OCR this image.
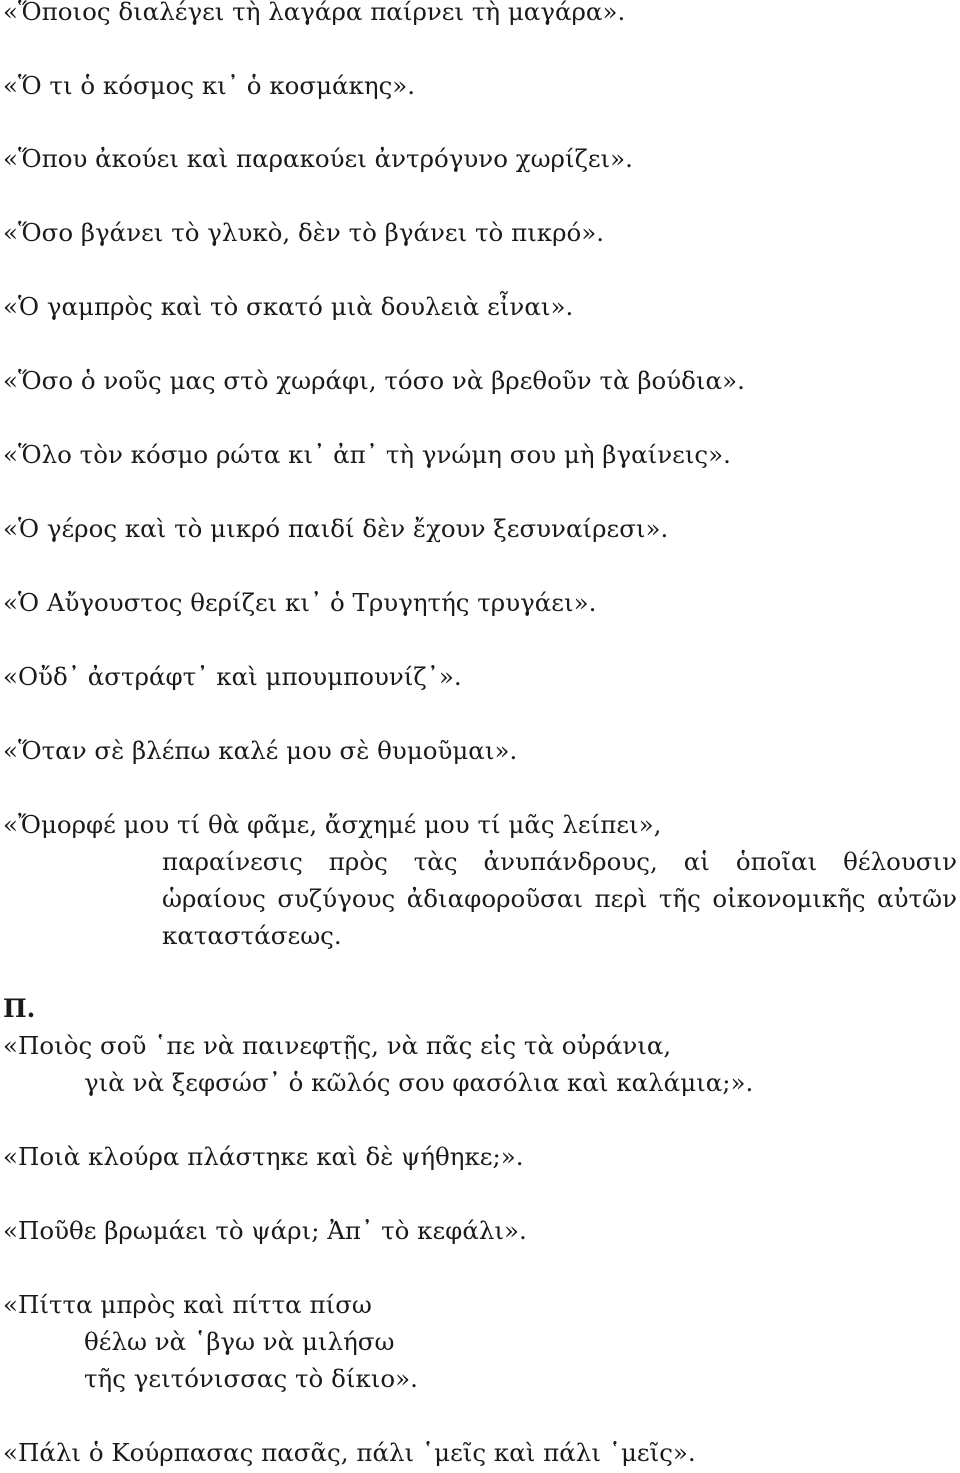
«Ὅποιος διαλέγει τὴ λαγάρα παίρνει τὴ μαγάρα».
«Ὅ τι ὁ κόσμος κι᾽ ὁ κοσμάκης».
«Ὅπου ἀκούει καὶ παρακούει ἀντρόγυνο χωρίζει».
«Ὅσο βγάνει τὸ γλυκὸ, δὲν τὸ βγάνει τὸ πικρό».
«Ὁ γαμπρὸς καὶ τὸ σκατό μιὰ δουλειὰ εἶναι».
«Ὅσο ὁ νοῦς μας στὸ χωράφι, τόσο νὰ βρεθοῦν τὰ βούδια».
«Ὅλο τὸν κόσμο ρώτα κι᾽ ἀπ᾽ τὴ γνώμη σου μὴ βγαίνεις».
«Ὁ γέρος καὶ τὸ μικρό παιδί δὲν ἔχουν ξεσυναίρεσι».
«Ὁ Αὔγουστος θερίζει κι᾽ ὁ Τρυγητής τρυγάει».
«Οὔδ᾽ ἀστράφτ᾽ καὶ μπουμπουνίζ᾽».
«Ὅταν σὲ βλέπω καλέ μου σὲ θυμοῦμαι».
«Ὄμορφέ μου τί θὰ φᾶμε, ἄσχημέ μου τί μᾶς λείπει»,
παραίνεσις πρὸς τὰς ἀνυπάνδρους, αἱ ὁποῖαι θέλουσιν
ὡραίους συζύγους ἀδιαφοροῦσαι περὶ τῆς οἰκονομικῆς αὐτῶν
καταστάσεως.
Π.
«Ποιὸς σοῦ ῾πε νὰ παινεφτῇς, νὰ πᾶς εἰς τὰ οὐράνια,
γιὰ νὰ ξεφσώσ᾽ ὁ κῶλός σου φασόλια καὶ καλάμια;».
«Ποιὰ κλούρα πλάστηκε καὶ δὲ ψήθηκε;».
«Ποῦθε βρωμάει τὸ ψάρι; Ἀπ᾽ τὸ κεφάλι».
«Πίττα μπρὸς καὶ πίττα πίσω
θέλω νὰ ῾βγω νὰ μιλήσω
τῆς γειτόνισσας τὸ δίκιο».
«Πάλι ὁ Κούρπασας πασᾶς, πάλι ῾μεῖς καὶ πάλι ῾μεῖς».
